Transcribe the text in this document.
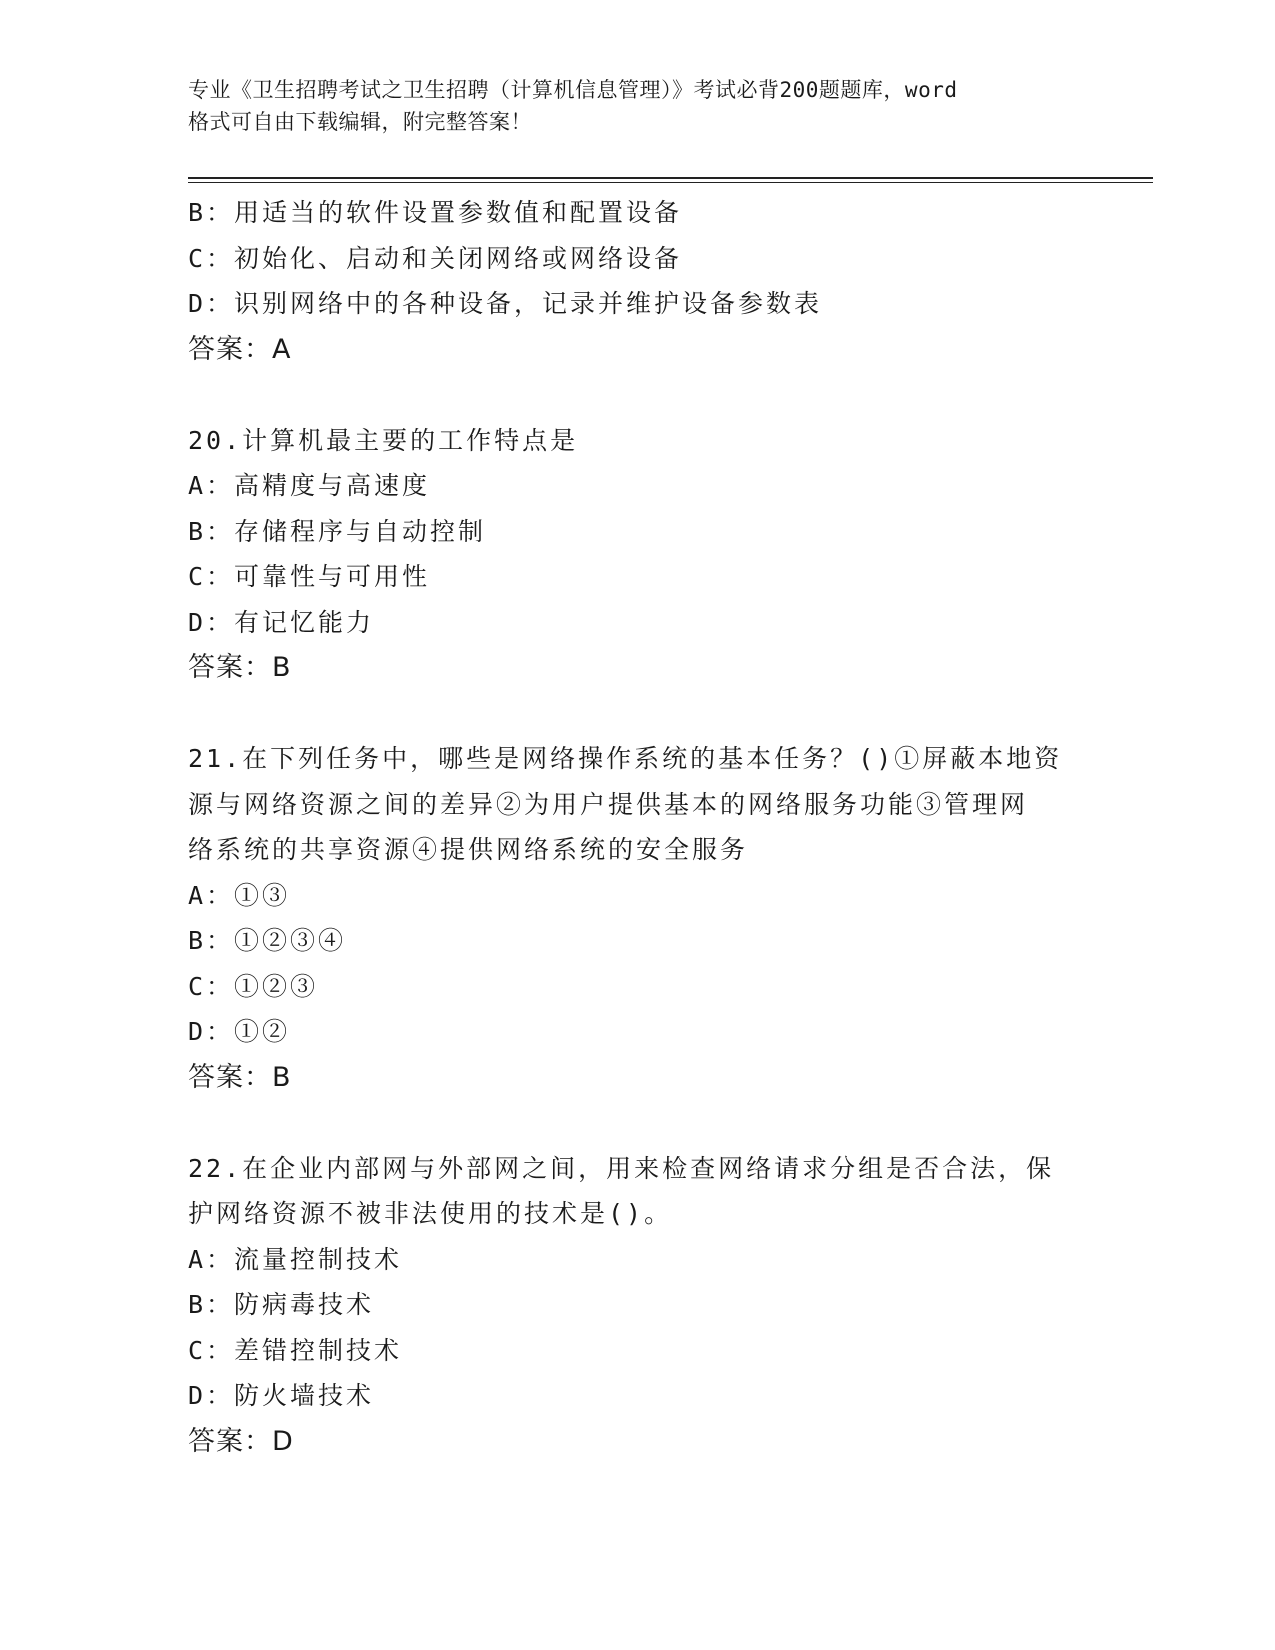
专业《卫生招聘考试之卫生招聘（计算机信息管理）》考试必背200题题库，word
格式可自由下载编辑，附完整答案！
B：用适当的软件设置参数值和配置设备
C：初始化、启动和关闭网络或网络设备
D：识别网络中的各种设备，记录并维护设备参数表
答案：A
20.计算机最主要的工作特点是
A：高精度与高速度
B：存储程序与自动控制
C：可靠性与可用性
D：有记忆能力
答案：B
21.在下列任务中，哪些是网络操作系统的基本任务？()①屏蔽本地资
源与网络资源之间的差异②为用户提供基本的网络服务功能③管理网
络系统的共享资源④提供网络系统的安全服务
A：①③
B：①②③④
C：①②③
D：①②
答案：B
22.在企业内部网与外部网之间，用来检查网络请求分组是否合法，保
护网络资源不被非法使用的技术是()。
A：流量控制技术
B：防病毒技术
C：差错控制技术
D：防火墙技术
答案：D
